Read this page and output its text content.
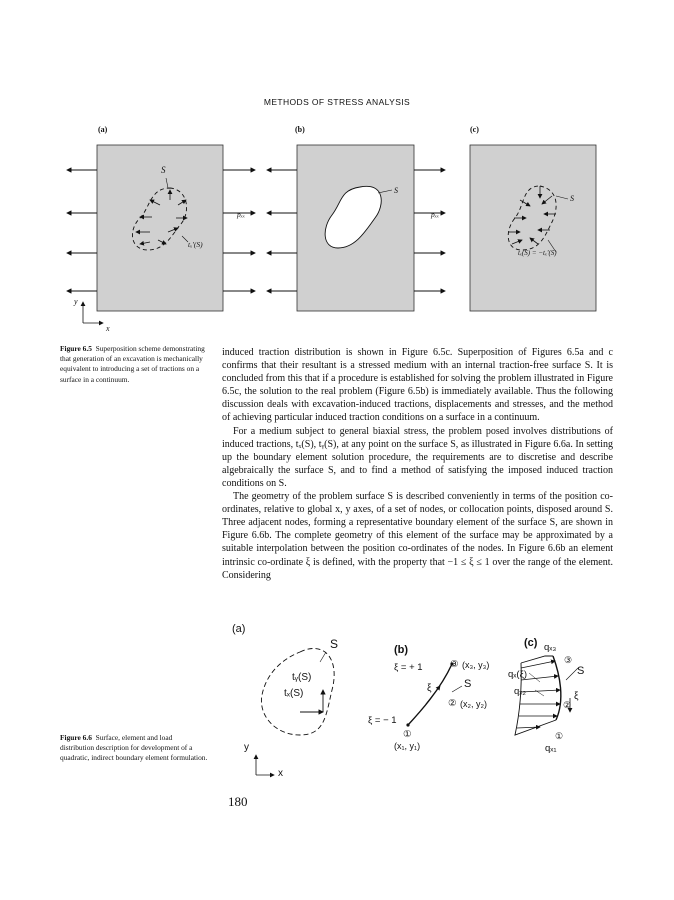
METHODS OF STRESS ANALYSIS
(a)	(b)	(c)
S
tₓ'(S)
pₓₓ
S
pₓₓ
S
tₓ(S) = −tₓ'(S)
y
x
Figure 6.5 Superposition scheme demonstrating that generation of an excavation is mechanically equivalent to introducing a set of tractions on a surface in a continuum.

induced traction distribution is shown in Figure 6.5c. Superposition of Figures 6.5a and c confirms that their resultant is a stressed medium with an internal traction-free surface S. It is concluded from this that if a procedure is established for solving the problem illustrated in Figure 6.5c, the solution to the real problem (Figure 6.5b) is immediately available. Thus the following discussion deals with excavation-induced tractions, displacements and stresses, and the method of achieving particular induced traction conditions on a surface in a continuum.

For a medium subject to general biaxial stress, the problem posed involves distributions of induced tractions, tₓ(S), tᵧ(S), at any point on the surface S, as illustrated in Figure 6.6a. In setting up the boundary element solution procedure, the requirements are to discretise and describe algebraically the surface S, and to find a method of satisfying the imposed induced traction conditions on S.

The geometry of the problem surface S is described conveniently in terms of the position co-ordinates, relative to global x, y axes, of a set of nodes, or collocation points, disposed around S. Three adjacent nodes, forming a representative boundary element of the surface S, are shown in Figure 6.6b. The complete geometry of this element of the surface may be approximated by a suitable interpolation between the position co-ordinates of the nodes. In Figure 6.6b an element intrinsic co-ordinate ξ is defined, with the property that −1 ≤ ξ ≤ 1 over the range of the element. Considering

(a)
S
tᵧ(S)
tₓ(S)
y
x
(b)
ξ = + 1	③ (x₃, y₃)
ξ	S
② (x₂, y₂)
ξ = − 1
①
(x₁, y₁)
(c) qₓ₃
③
S
qₓ(ξ)
qₓ₂	ξ
②
①
qₓ₁
Figure 6.6 Surface, element and load distribution description for development of a quadratic, indirect boundary element formulation.
180
